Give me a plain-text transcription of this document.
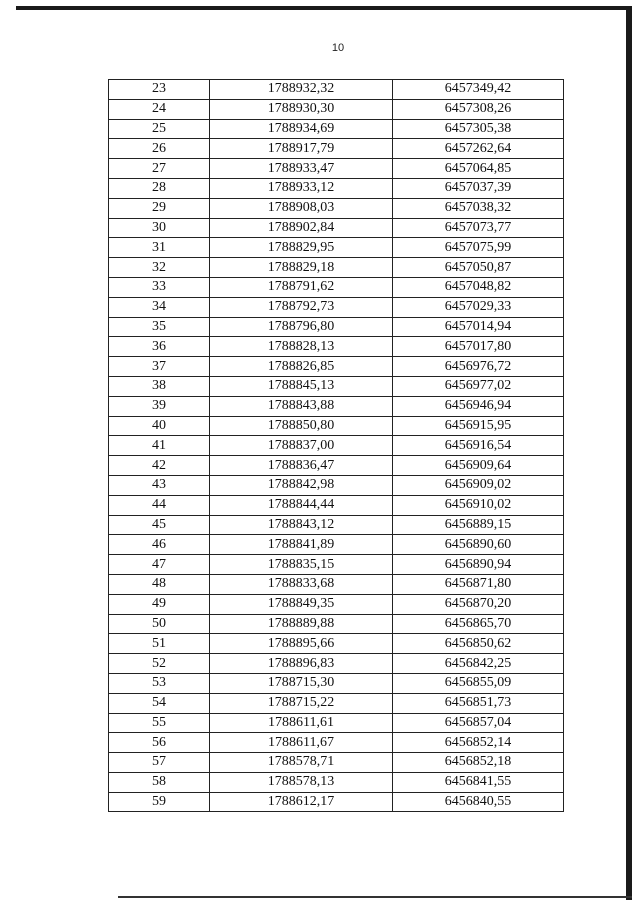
10
23	1788932,32	6457349,42
24	1788930,30	6457308,26
25	1788934,69	6457305,38
26	1788917,79	6457262,64
27	1788933,47	6457064,85
28	1788933,12	6457037,39
29	1788908,03	6457038,32
30	1788902,84	6457073,77
31	1788829,95	6457075,99
32	1788829,18	6457050,87
33	1788791,62	6457048,82
34	1788792,73	6457029,33
35	1788796,80	6457014,94
36	1788828,13	6457017,80
37	1788826,85	6456976,72
38	1788845,13	6456977,02
39	1788843,88	6456946,94
40	1788850,80	6456915,95
41	1788837,00	6456916,54
42	1788836,47	6456909,64
43	1788842,98	6456909,02
44	1788844,44	6456910,02
45	1788843,12	6456889,15
46	1788841,89	6456890,60
47	1788835,15	6456890,94
48	1788833,68	6456871,80
49	1788849,35	6456870,20
50	1788889,88	6456865,70
51	1788895,66	6456850,62
52	1788896,83	6456842,25
53	1788715,30	6456855,09
54	1788715,22	6456851,73
55	1788611,61	6456857,04
56	1788611,67	6456852,14
57	1788578,71	6456852,18
58	1788578,13	6456841,55
59	1788612,17	6456840,55
